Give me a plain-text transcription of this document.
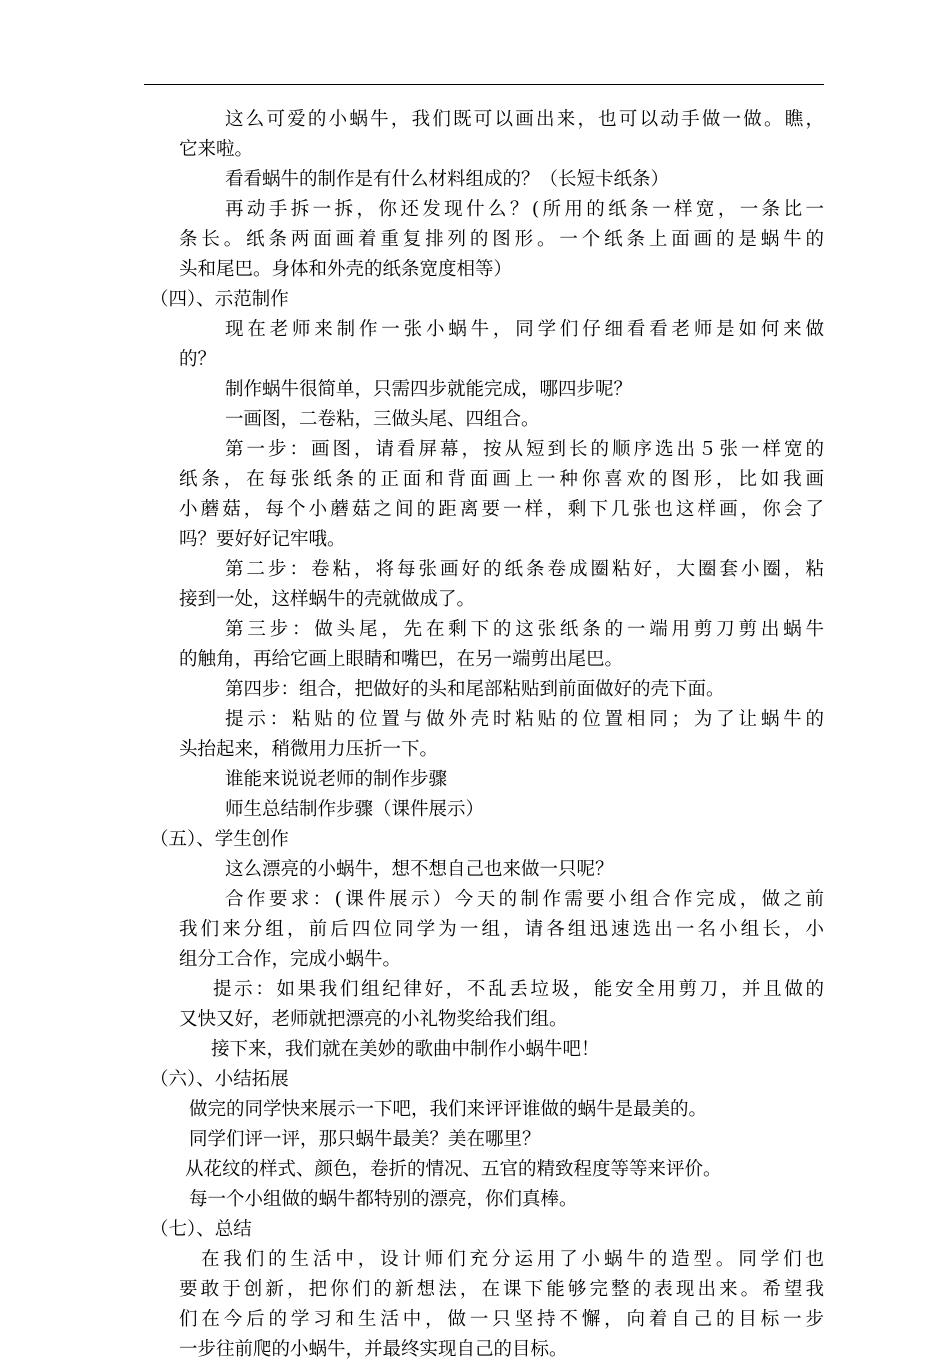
这么可爱的小蜗牛，我们既可以画出来，也可以动手做一做。瞧，
它来啦。
看看蜗牛的制作是有什么材料组成的？（长短卡纸条）
再动手拆一拆，你还发现什么？(所用的纸条一样宽，一条比一
条长。纸条两面画着重复排列的图形。一个纸条上面画的是蜗牛的
头和尾巴。身体和外壳的纸条宽度相等）
（四）、示范制作
现在老师来制作一张小蜗牛，同学们仔细看看老师是如何来做
的？
制作蜗牛很简单，只需四步就能完成，哪四步呢？
一画图，二卷粘，三做头尾、四组合。
第一步：画图，请看屏幕，按从短到长的顺序选出５张一样宽的
纸条，在每张纸条的正面和背面画上一种你喜欢的图形，比如我画
小蘑菇，每个小蘑菇之间的距离要一样，剩下几张也这样画，你会了
吗？要好好记牢哦。
第二步：卷粘，将每张画好的纸条卷成圈粘好，大圈套小圈，粘
接到一处，这样蜗牛的壳就做成了。
第三步：做头尾，先在剩下的这张纸条的一端用剪刀剪出蜗牛
的触角，再给它画上眼睛和嘴巴，在另一端剪出尾巴。
第四步：组合，把做好的头和尾部粘贴到前面做好的壳下面。
提示：粘贴的位置与做外壳时粘贴的位置相同；为了让蜗牛的
头抬起来，稍微用力压折一下。
谁能来说说老师的制作步骤
师生总结制作步骤（课件展示）
（五）、学生创作
这么漂亮的小蜗牛，想不想自己也来做一只呢？
合作要求：(课件展示）今天的制作需要小组合作完成，做之前
我们来分组，前后四位同学为一组，请各组迅速选出一名小组长，小
组分工合作，完成小蜗牛。
提示：如果我们组纪律好，不乱丢垃圾，能安全用剪刀，并且做的
又快又好，老师就把漂亮的小礼物奖给我们组。
接下来，我们就在美妙的歌曲中制作小蜗牛吧！
（六）、小结拓展
做完的同学快来展示一下吧，我们来评评谁做的蜗牛是最美的。
同学们评一评，那只蜗牛最美？美在哪里？
从花纹的样式、颜色，卷折的情况、五官的精致程度等等来评价。
每一个小组做的蜗牛都特别的漂亮，你们真棒。
（七）、总结
在我们的生活中，设计师们充分运用了小蜗牛的造型。同学们也
要敢于创新，把你们的新想法，在课下能够完整的表现出来。希望我
们在今后的学习和生活中，做一只坚持不懈，向着自己的目标一步
一步往前爬的小蜗牛，并最终实现自己的目标。
